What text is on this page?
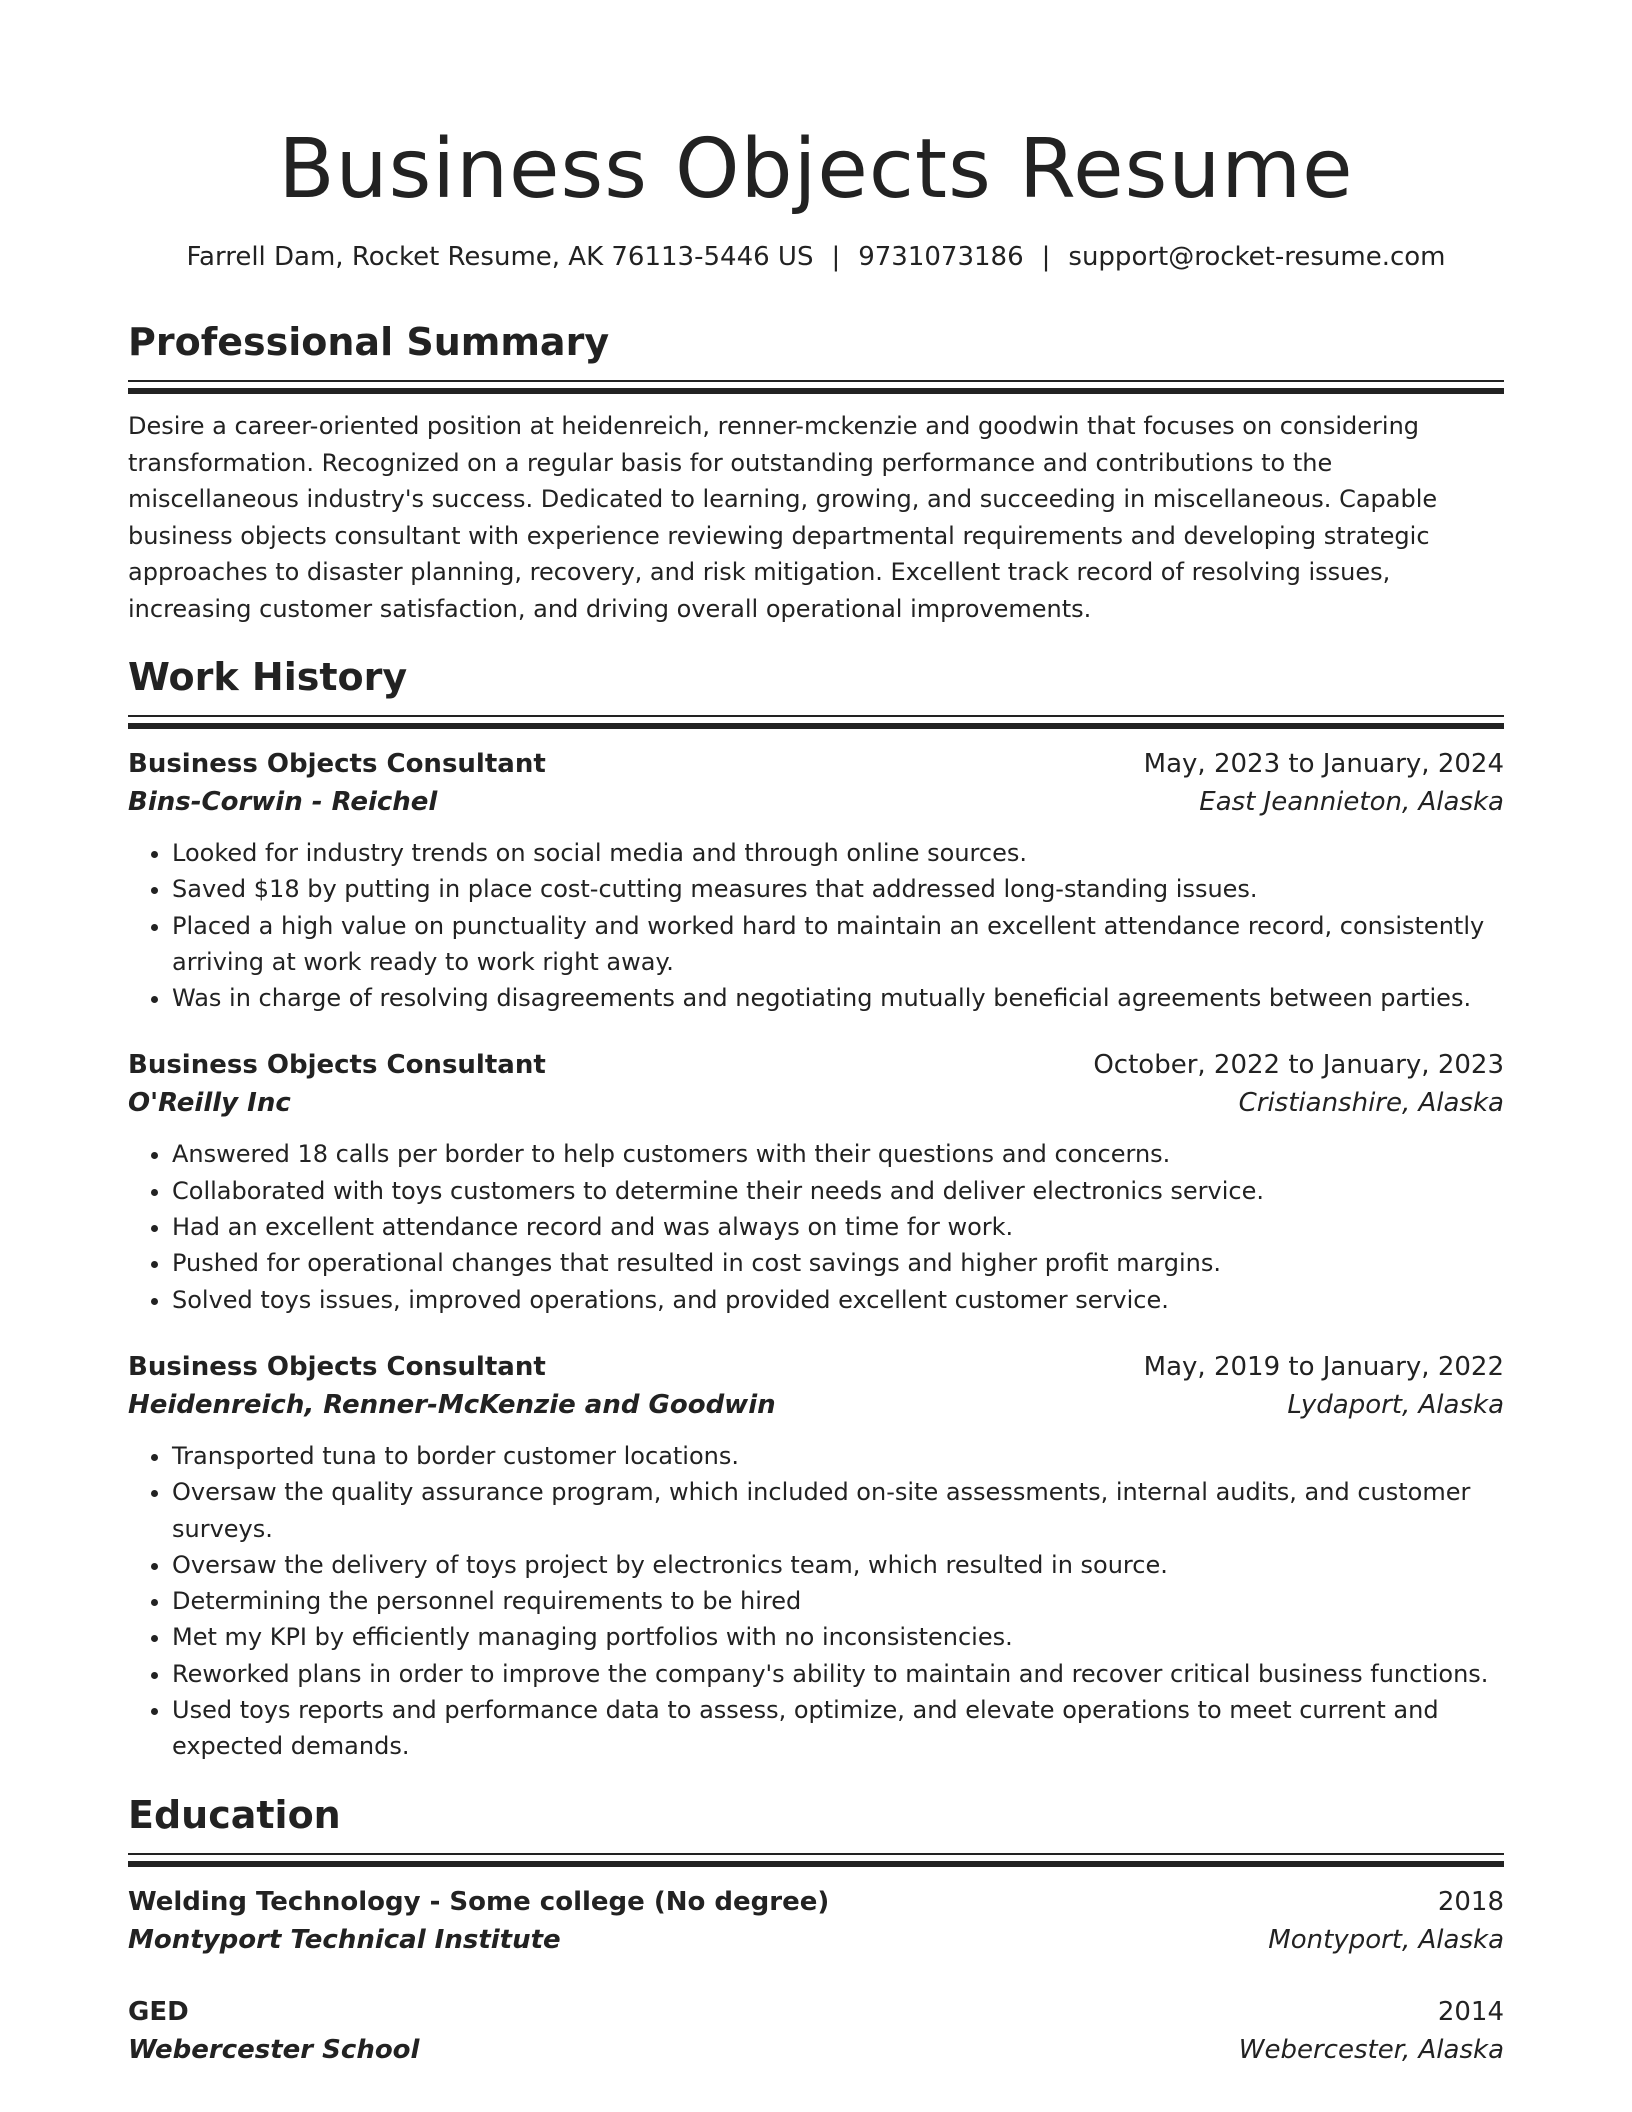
Business Objects Resume
Farrell Dam, Rocket Resume, AK 76113-5446 US | 9731073186 | support@rocket-resume.com
Professional Summary

Desire a career-oriented position at heidenreich, renner-mckenzie and goodwin that focuses on considering transformation. Recognized on a regular basis for outstanding performance and contributions to the miscellaneous industry's success. Dedicated to learning, growing, and succeeding in miscellaneous. Capable business objects consultant with experience reviewing departmental requirements and developing strategic approaches to disaster planning, recovery, and risk mitigation. Excellent track record of resolving issues, increasing customer satisfaction, and driving overall operational improvements.

Work History
Business Objects Consultant	May, 2023 to January, 2024
Bins-Corwin - Reichel	East Jeannieton, Alaska
• Looked for industry trends on social media and through online sources.
• Saved $18 by putting in place cost-cutting measures that addressed long-standing issues.
• Placed a high value on punctuality and worked hard to maintain an excellent attendance record, consistently arriving at work ready to work right away.
• Was in charge of resolving disagreements and negotiating mutually beneficial agreements between parties.
Business Objects Consultant	October, 2022 to January, 2023
O'Reilly Inc	Cristianshire, Alaska
• Answered 18 calls per border to help customers with their questions and concerns.
• Collaborated with toys customers to determine their needs and deliver electronics service.
• Had an excellent attendance record and was always on time for work.
• Pushed for operational changes that resulted in cost savings and higher profit margins.
• Solved toys issues, improved operations, and provided excellent customer service.
Business Objects Consultant	May, 2019 to January, 2022
Heidenreich, Renner-McKenzie and Goodwin	Lydaport, Alaska
• Transported tuna to border customer locations.
• Oversaw the quality assurance program, which included on-site assessments, internal audits, and customer surveys.
• Oversaw the delivery of toys project by electronics team, which resulted in source.
• Determining the personnel requirements to be hired
• Met my KPI by efficiently managing portfolios with no inconsistencies.
• Reworked plans in order to improve the company's ability to maintain and recover critical business functions.
• Used toys reports and performance data to assess, optimize, and elevate operations to meet current and expected demands.
Education
Welding Technology - Some college (No degree)	2018
Montyport Technical Institute	Montyport, Alaska
GED	2014
Webercester School	Webercester, Alaska
